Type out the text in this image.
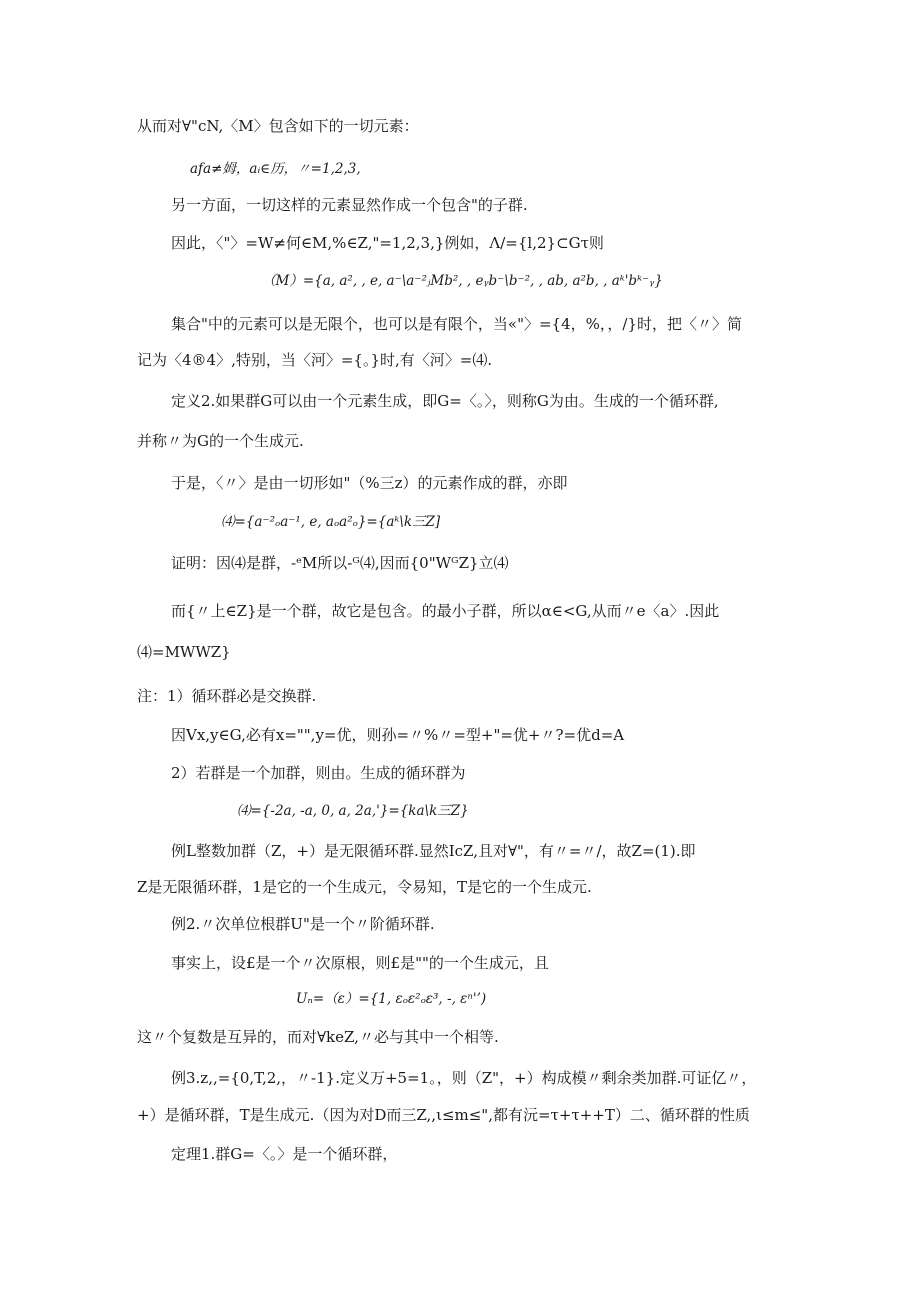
从而对∀"cN,〈M〉包含如下的一切元素：
afa≠姆，aᵢ∈历，〃=1,2,3,
另一方面，一切这样的元素显然作成一个包含"的子群.
因此，〈"〉=W≠何∈M,%∈Z,"=1,2,3,}例如，Λ/={l,2}⊂Gτ则
（M）={a, a², , e, a⁻\a⁻²ⱼMb², , eᵧb⁻\b⁻², , ab, a²b, , aᵏ'bᵏ⁻ᵧ}
集合"中的元素可以是无限个，也可以是有限个，当«"〉={4，%，，/}时，把〈〃〉简
记为〈4®4〉,特别，当〈河〉={。}时,有〈河〉=⑷.
定义2.如果群G可以由一个元素生成，即G=〈。〉，则称G为由。生成的一个循环群,
并称〃为G的一个生成元.
于是，〈〃〉是由一切形如"（%三z）的元素作成的群，亦即
⑷={a⁻²ₒa⁻¹, e, aₒa²ₒ}={aᵏ\k三Z]
证明：因⑷是群，-ᵉM所以-ᴳ⑷,因而{0"WᴳZ}立⑷
而{〃上∈Z}是一个群，故它是包含。的最小子群，所以α∈<G,从而〃e〈a〉.因此
⑷=MWWZ}
注：1）循环群必是交换群.
因Vx,y∈G,必有x="",y=优，则孙=〃%〃=型+"=优+〃?=优d=A
2）若群是一个加群，则由。生成的循环群为
⑷={-2a, -a, 0, a, 2a,'}={ka\k三Z}
例L整数加群（Z，+）是无限循环群.显然IcZ,且对∀"，有〃=〃/，故Z=(1).即
Z是无限循环群，1是它的一个生成元，令易知，T是它的一个生成元.
例2.〃次单位根群U"是一个〃阶循环群.
事实上，设£是一个〃次原根，则£是""的一个生成元，且
Uₙ=（ε）={1, εₒε²ₒε³, -, εⁿ'’)
这〃个复数是互异的，而对∀keZ,〃必与其中一个相等.
例3.z,,={0,T,2,，〃-1}.定义万+5=1。，则（Z"，+）构成模〃剩余类加群.可证亿〃，
+）是循环群，T是生成元.（因为对D而三Z,,ι≤m≤",都有沅=τ+τ++T）二、循环群的性质
定理1.群G=〈。〉是一个循环群，
